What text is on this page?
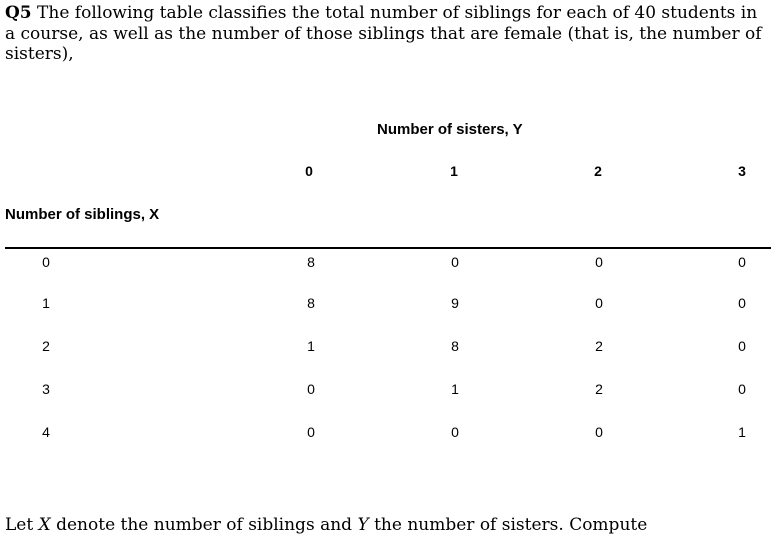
Q5 The following table classifies the total number of siblings for each of 40 students in a course, as well as the number of those siblings that are female (that is, the number of sisters),

Number of sisters, Y
0	1	2	3
Number of siblings, X
0	8	0	0	0
1	8	9	0	0
2	1	8	2	0
3	0	1	2	0
4	0	0	0	1

Let X denote the number of siblings and Y the number of sisters. Compute
